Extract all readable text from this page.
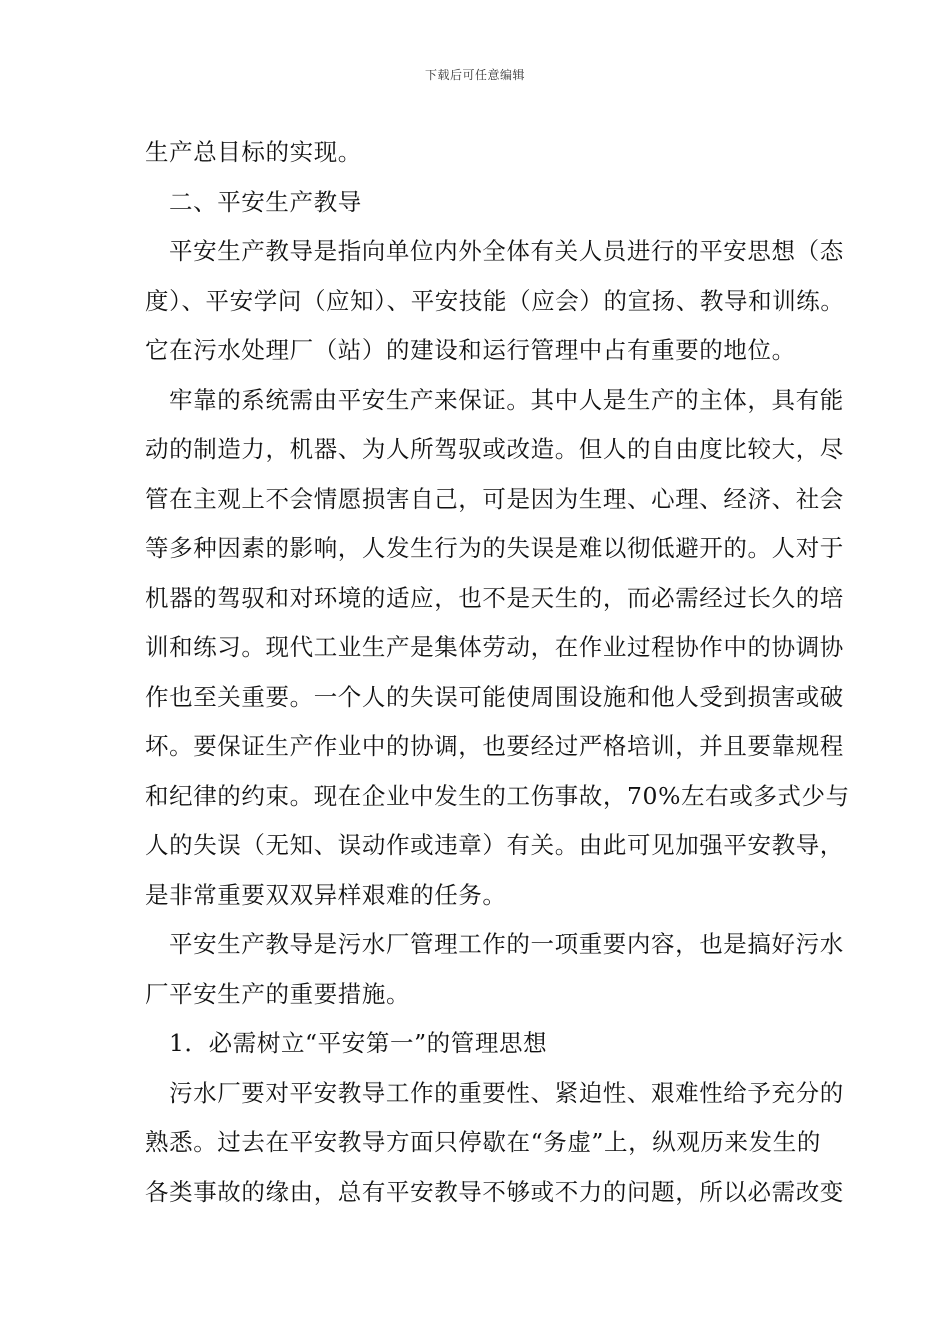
下载后可任意编辑
生产总目标的实现。
二、平安生产教导
平安生产教导是指向单位内外全体有关人员进行的平安思想（态
度）、平安学问（应知）、平安技能（应会）的宣扬、教导和训练。
它在污水处理厂（站）的建设和运行管理中占有重要的地位。
牢靠的系统需由平安生产来保证。其中人是生产的主体，具有能
动的制造力，机器、为人所驾驭或改造。但人的自由度比较大，尽
管在主观上不会情愿损害自己，可是因为生理、心理、经济、社会
等多种因素的影响，人发生行为的失误是难以彻低避开的。人对于
机器的驾驭和对环境的适应，也不是天生的，而必需经过长久的培
训和练习。现代工业生产是集体劳动，在作业过程协作中的协调协
作也至关重要。一个人的失误可能使周围设施和他人受到损害或破
坏。要保证生产作业中的协调，也要经过严格培训，并且要靠规程
和纪律的约束。现在企业中发生的工伤事故，70%左右或多式少与
人的失误（无知、误动作或违章）有关。由此可见加强平安教导，
是非常重要双双异样艰难的任务。
平安生产教导是污水厂管理工作的一项重要内容，也是搞好污水
厂平安生产的重要措施。
1．必需树立“平安第一”的管理思想
污水厂要对平安教导工作的重要性、紧迫性、艰难性给予充分的
熟悉。过去在平安教导方面只停歇在“务虚”上，纵观历来发生的
各类事故的缘由，总有平安教导不够或不力的问题，所以必需改变
